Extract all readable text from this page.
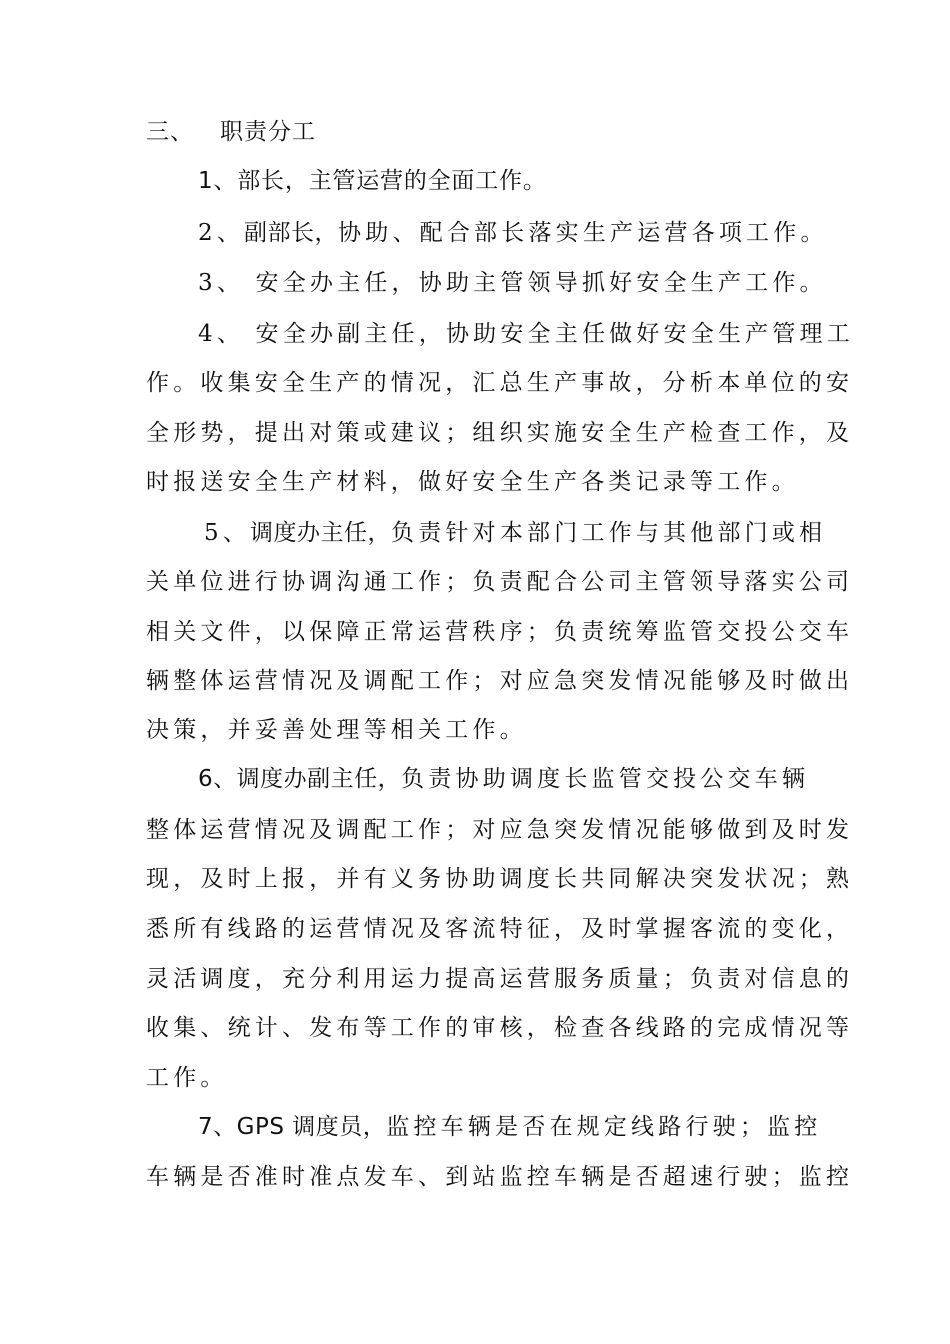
三、 职责分工
1、部长，主管运营的全面工作。
2、副部长，协助、配合部长落实生产运营各项工作。
3、 安全办主任，协助主管领导抓好安全生产工作。
4、 安全办副主任，协助安全主任做好安全生产管理工
作。收集安全生产的情况，汇总生产事故，分析本单位的安
全形势，提出对策或建议；组织实施安全生产检查工作，及
时报送安全生产材料，做好安全生产各类记录等工作。
5、调度办主任，负责针对本部门工作与其他部门或相
关单位进行协调沟通工作；负责配合公司主管领导落实公司
相关文件，以保障正常运营秩序；负责统筹监管交投公交车
辆整体运营情况及调配工作；对应急突发情况能够及时做出
决策，并妥善处理等相关工作。
6、调度办副主任，负责协助调度长监管交投公交车辆
整体运营情况及调配工作；对应急突发情况能够做到及时发
现，及时上报，并有义务协助调度长共同解决突发状况；熟
悉所有线路的运营情况及客流特征，及时掌握客流的变化，
灵活调度，充分利用运力提高运营服务质量；负责对信息的
收集、统计、发布等工作的审核，检查各线路的完成情况等
工作。
7、GPS 调度员，监控车辆是否在规定线路行驶；监控
车辆是否准时准点发车、到站监控车辆是否超速行驶；监控
